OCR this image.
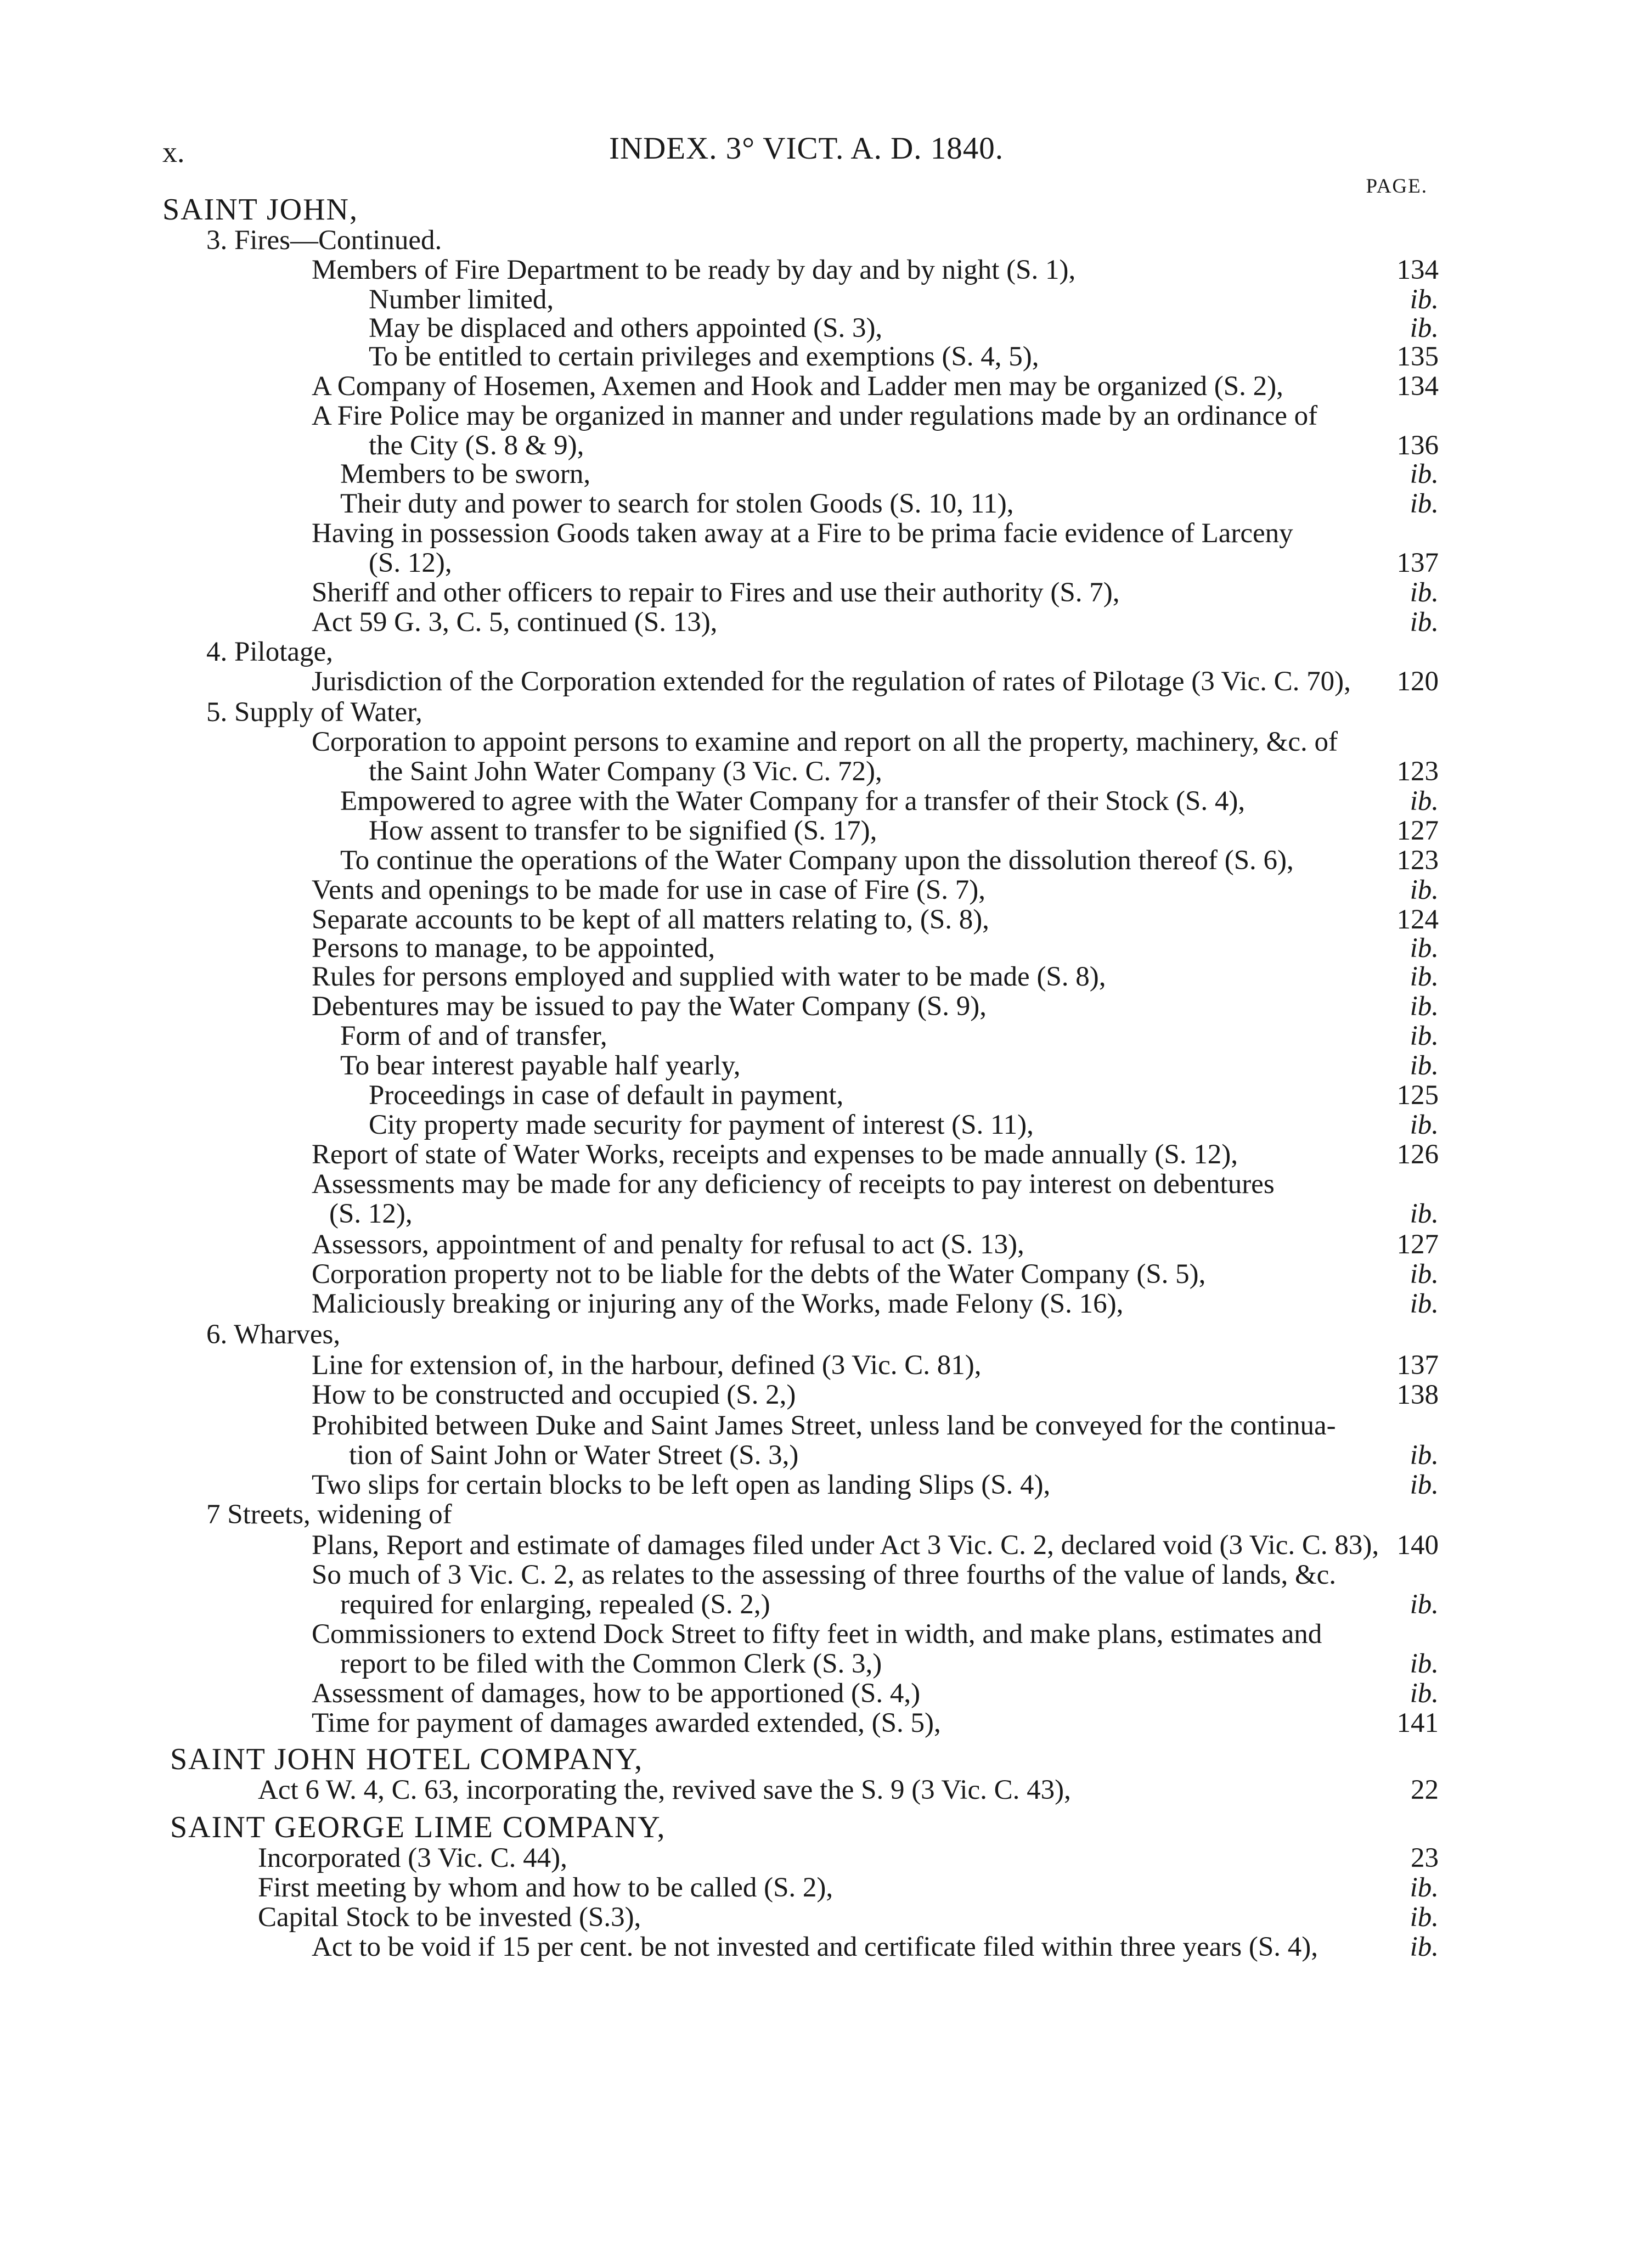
x.	INDEX. 3° VICT. A. D. 1840.
PAGE.
SAINT JOHN,
3. Fires—Continued.
Members of Fire Department to be ready by day and by night (S. 1),	134
Number limited,	ib.
May be displaced and others appointed (S. 3),	ib.
To be entitled to certain privileges and exemptions (S. 4, 5),	135
A Company of Hosemen, Axemen and Hook and Ladder men may be organized (S. 2),	134
A Fire Police may be organized in manner and under regulations made by an ordinance of
the City (S. 8 & 9),	136
Members to be sworn,	ib.
Their duty and power to search for stolen Goods (S. 10, 11),	ib.
Having in possession Goods taken away at a Fire to be prima facie evidence of Larceny
(S. 12),	137
Sheriff and other officers to repair to Fires and use their authority (S. 7),	ib.
Act 59 G. 3, C. 5, continued (S. 13),	ib.
4. Pilotage,
Jurisdiction of the Corporation extended for the regulation of rates of Pilotage (3 Vic. C. 70),	120
5. Supply of Water,
Corporation to appoint persons to examine and report on all the property, machinery, &c. of
the Saint John Water Company (3 Vic. C. 72),	123
Empowered to agree with the Water Company for a transfer of their Stock (S. 4),	ib.
How assent to transfer to be signified (S. 17),	127
To continue the operations of the Water Company upon the dissolution thereof (S. 6),	123
Vents and openings to be made for use in case of Fire (S. 7),	ib.
Separate accounts to be kept of all matters relating to, (S. 8),	124
Persons to manage, to be appointed,	ib.
Rules for persons employed and supplied with water to be made (S. 8),	ib.
Debentures may be issued to pay the Water Company (S. 9),	ib.
Form of and of transfer,	ib.
To bear interest payable half yearly,	ib.
Proceedings in case of default in payment,	125
City property made security for payment of interest (S. 11),	ib.
Report of state of Water Works, receipts and expenses to be made annually (S. 12),	126
Assessments may be made for any deficiency of receipts to pay interest on debentures
(S. 12),	ib.
Assessors, appointment of and penalty for refusal to act (S. 13),	127
Corporation property not to be liable for the debts of the Water Company (S. 5),	ib.
Maliciously breaking or injuring any of the Works, made Felony (S. 16),	ib.
6. Wharves,
Line for extension of, in the harbour, defined (3 Vic. C. 81),	137
How to be constructed and occupied (S. 2,)	138
Prohibited between Duke and Saint James Street, unless land be conveyed for the continua-
tion of Saint John or Water Street (S. 3,)	ib.
Two slips for certain blocks to be left open as landing Slips (S. 4),	ib.
7 Streets, widening of
Plans, Report and estimate of damages filed under Act 3 Vic. C. 2, declared void (3 Vic. C. 83), 140
So much of 3 Vic. C. 2, as relates to the assessing of three fourths of the value of lands, &c.
required for enlarging, repealed (S. 2,)	ib.
Commissioners to extend Dock Street to fifty feet in width, and make plans, estimates and
report to be filed with the Common Clerk (S. 3,)	ib.
Assessment of damages, how to be apportioned (S. 4,)	ib.
Time for payment of damages awarded extended, (S. 5),	141
SAINT JOHN HOTEL COMPANY,
Act 6 W. 4, C. 63, incorporating the, revived save the S. 9 (3 Vic. C. 43),	22
SAINT GEORGE LIME COMPANY,
Incorporated (3 Vic. C. 44),	23
First meeting by whom and how to be called (S. 2),	ib.
Capital Stock to be invested (S.3),	ib.
Act to be void if 15 per cent. be not invested and certificate filed within three years (S. 4),	ib.
